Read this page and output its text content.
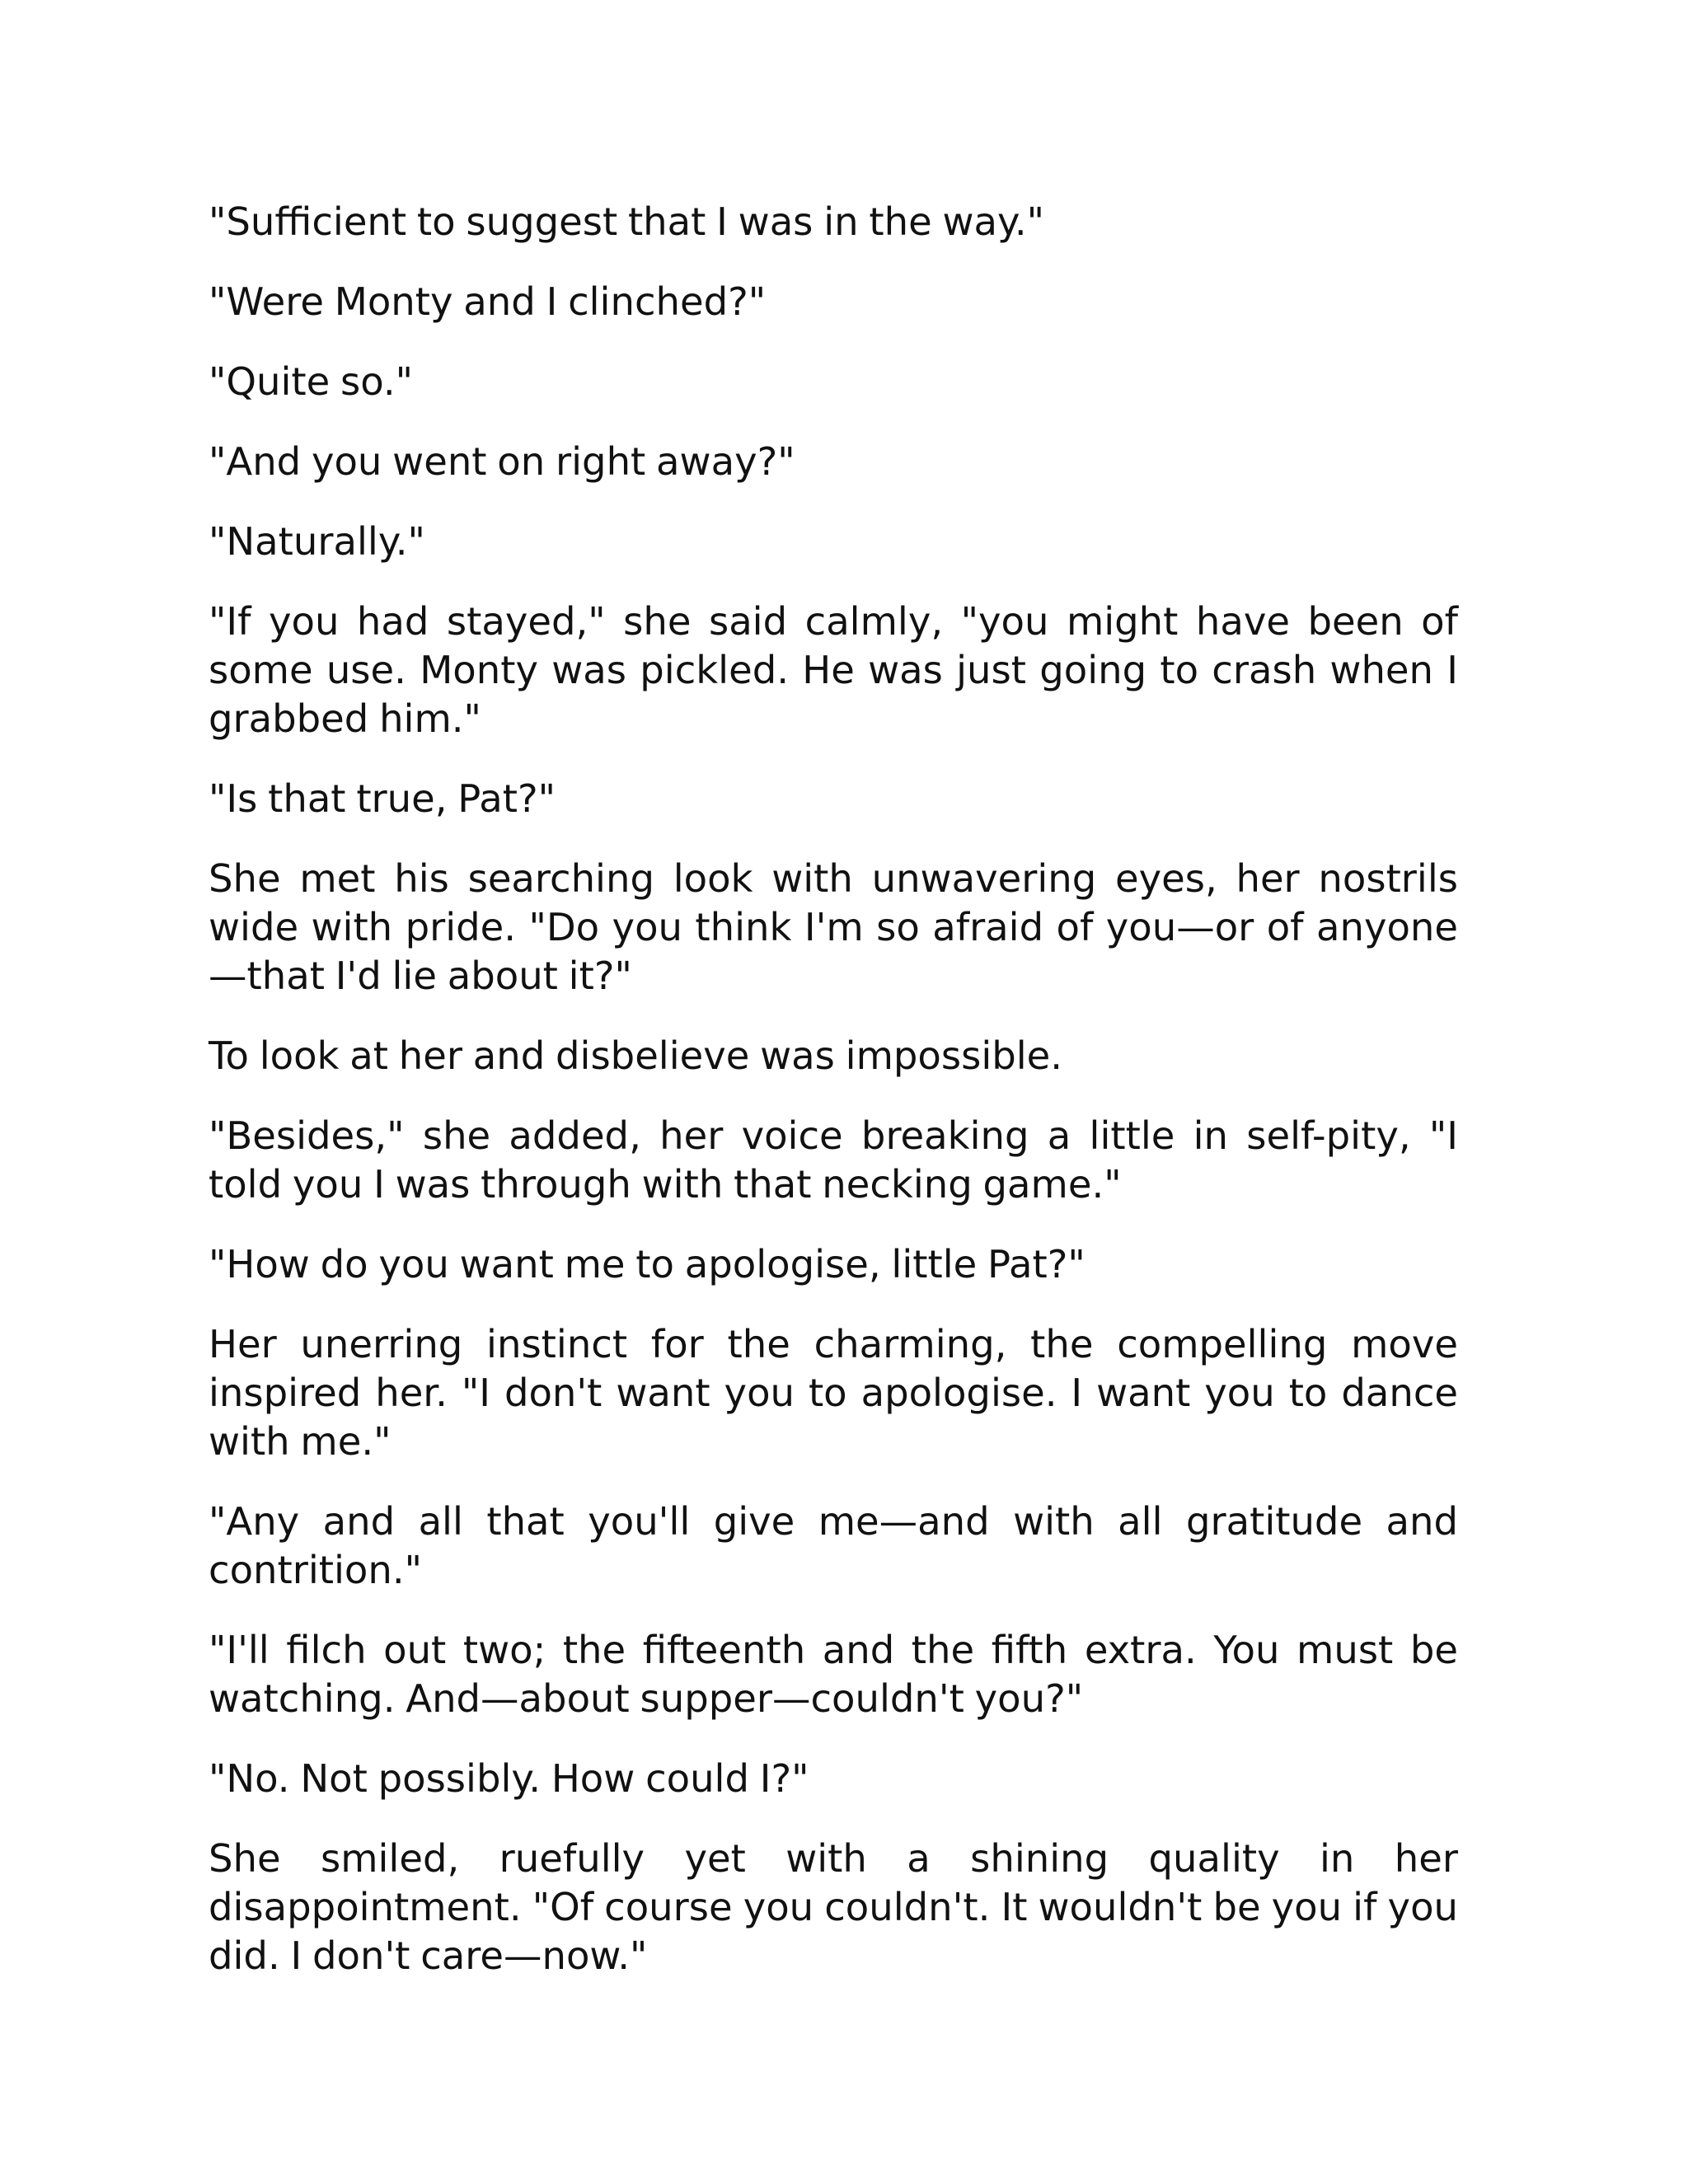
"Sufficient to suggest that I was in the way."

"Were Monty and I clinched?"

"Quite so."

"And you went on right away?"

"Naturally."

"If you had stayed," she said calmly, "you might have been of some use. Monty was pickled. He was just going to crash when I grabbed him."

"Is that true, Pat?"

She met his searching look with unwavering eyes, her nostrils wide with pride. "Do you think I'm so afraid of you—or of anyone—that I'd lie about it?"

To look at her and disbelieve was impossible.

"Besides," she added, her voice breaking a little in self-pity, "I told you I was through with that necking game."

"How do you want me to apologise, little Pat?"

Her unerring instinct for the charming, the compelling move inspired her. "I don't want you to apologise. I want you to dance with me."

"Any and all that you'll give me—and with all gratitude and contrition."

"I'll filch out two; the fifteenth and the fifth extra. You must be watching. And—about supper—couldn't you?"

"No. Not possibly. How could I?"

She smiled, ruefully yet with a shining quality in her disappointment. "Of course you couldn't. It wouldn't be you if you did. I don't care—now."
